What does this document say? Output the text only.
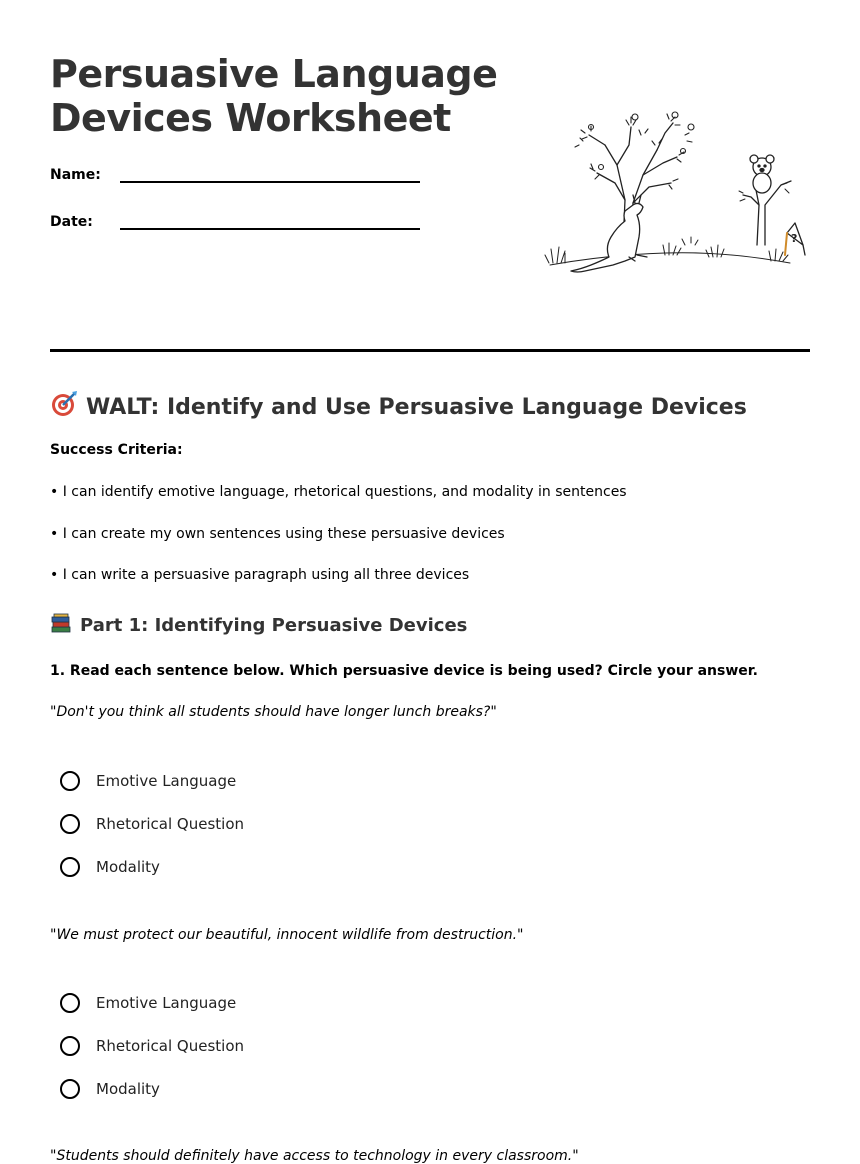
Persuasive Language
Devices Worksheet
Name:
Date:
?
WALT: Identify and Use Persuasive Language Devices
Success Criteria:
• I can identify emotive language, rhetorical questions, and modality in sentences
• I can create my own sentences using these persuasive devices
• I can write a persuasive paragraph using all three devices
Part 1: Identifying Persuasive Devices
1. Read each sentence below. Which persuasive device is being used? Circle your answer.
"Don't you think all students should have longer lunch breaks?"
Emotive Language
Rhetorical Question
Modality
"We must protect our beautiful, innocent wildlife from destruction."
Emotive Language
Rhetorical Question
Modality
"Students should definitely have access to technology in every classroom."
